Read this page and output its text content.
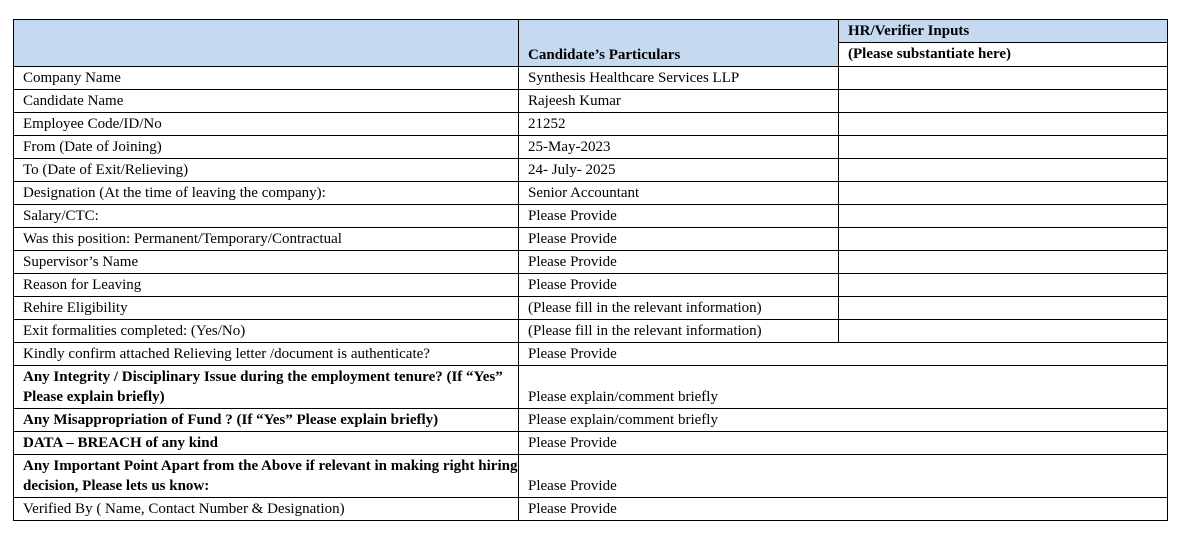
	Candidate’s Particulars	HR/Verifier Inputs
(Please substantiate here)

Company Name	Synthesis Healthcare Services LLP	
Candidate Name	Rajeesh Kumar	
Employee Code/ID/No	21252	
From (Date of Joining)	25-May-2023	
To (Date of Exit/Relieving)	24- July- 2025	
Designation (At the time of leaving the company):	Senior Accountant	
Salary/CTC:	Please Provide	
Was this position: Permanent/Temporary/Contractual	Please Provide	
Supervisor’s Name	Please Provide	
Reason for Leaving	Please Provide	
Rehire Eligibility	(Please fill in the relevant information)	
Exit formalities completed: (Yes/No)	(Please fill in the relevant information)	
Kindly confirm attached Relieving letter /document is authenticate?	Please Provide	
Any Integrity / Disciplinary Issue during the employment tenure? (If “Yes” Please explain briefly)	Please explain/comment briefly	
Any Misappropriation of Fund ? (If “Yes” Please explain briefly)	Please explain/comment briefly	
DATA – BREACH of any kind	Please Provide	
Any Important Point Apart from the Above if relevant in making right hiring decision, Please lets us know:	Please Provide	
Verified By ( Name, Contact Number & Designation)	Please Provide	
